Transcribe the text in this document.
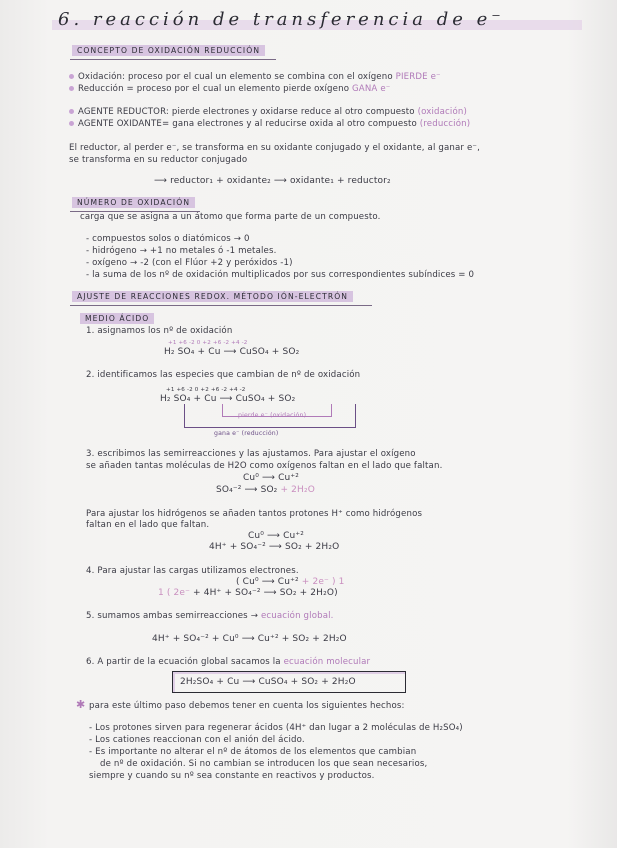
6. reacción de transferencia de e⁻
CONCEPTO DE OXIDACIÓN REDUCCIÓN
Oxidación: proceso por el cual un elemento se combina con el oxígeno PIERDE e⁻
Reducción = proceso por el cual un elemento pierde oxígeno GANA e⁻
AGENTE REDUCTOR: pierde electrones y oxidarse reduce al otro compuesto (oxidación)
AGENTE OXIDANTE= gana electrones y al reducirse oxida al otro compuesto (reducción)
El reductor, al perder e⁻, se transforma en su oxidante conjugado y el oxidante, al ganar e⁻,
se transforma en su reductor conjugado
⟶ reductor₁ + oxidante₂ ⟶ oxidante₁ + reductor₂
NÚMERO DE OXIDACIÓN
carga que se asigna a un átomo que forma parte de un compuesto.
- compuestos solos o diatómicos → 0
- hidrógeno → +1 no metales ó -1 metales.
- oxígeno → -2 (con el Flúor +2 y peróxidos -1)
- la suma de los nº de oxidación multiplicados por sus correspondientes subíndices = 0
AJUSTE DE REACCIONES REDOX. MÉTODO IÓN-ELECTRÓN
MEDIO ÁCIDO
1. asignamos los nº de oxidación
+1 +6 -2 0 +2 +6 -2 +4 -2
H₂ SO₄ + Cu ⟶ CuSO₄ + SO₂
2. identificamos las especies que cambian de nº de oxidación
+1 +6 -2 0 +2 +6 -2 +4 -2
H₂ SO₄ + Cu ⟶ CuSO₄ + SO₂
pierde e⁻ (oxidación)
gana e⁻ (reducción)
3. escribimos las semirreacciones y las ajustamos. Para ajustar el oxígeno
se añaden tantas moléculas de H2O como oxígenos faltan en el lado que faltan.
Cu⁰ ⟶ Cu⁺²
SO₄⁻² ⟶ SO₂ + 2H₂O
Para ajustar los hidrógenos se añaden tantos protones H⁺ como hidrógenos
faltan en el lado que faltan.
Cu⁰ ⟶ Cu⁺²
4H⁺ + SO₄⁻² ⟶ SO₂ + 2H₂O
4. Para ajustar las cargas utilizamos electrones.
( Cu⁰ ⟶ Cu⁺² + 2e⁻ ) 1
1 ( 2e⁻ + 4H⁺ + SO₄⁻² ⟶ SO₂ + 2H₂O)
5. sumamos ambas semirreacciones → ecuación global.
4H⁺ + SO₄⁻² + Cu⁰ ⟶ Cu⁺² + SO₂ + 2H₂O
6. A partir de la ecuación global sacamos la ecuación molecular
2H₂SO₄ + Cu ⟶ CuSO₄ + SO₂ + 2H₂O
✱ para este último paso debemos tener en cuenta los siguientes hechos:
- Los protones sirven para regenerar ácidos (4H⁺ dan lugar a 2 moléculas de H₂SO₄)
- Los cationes reaccionan con el anión del ácido.
- Es importante no alterar el nº de átomos de los elementos que cambian
de nº de oxidación. Si no cambian se introducen los que sean necesarios,
siempre y cuando su nº sea constante en reactivos y productos.
